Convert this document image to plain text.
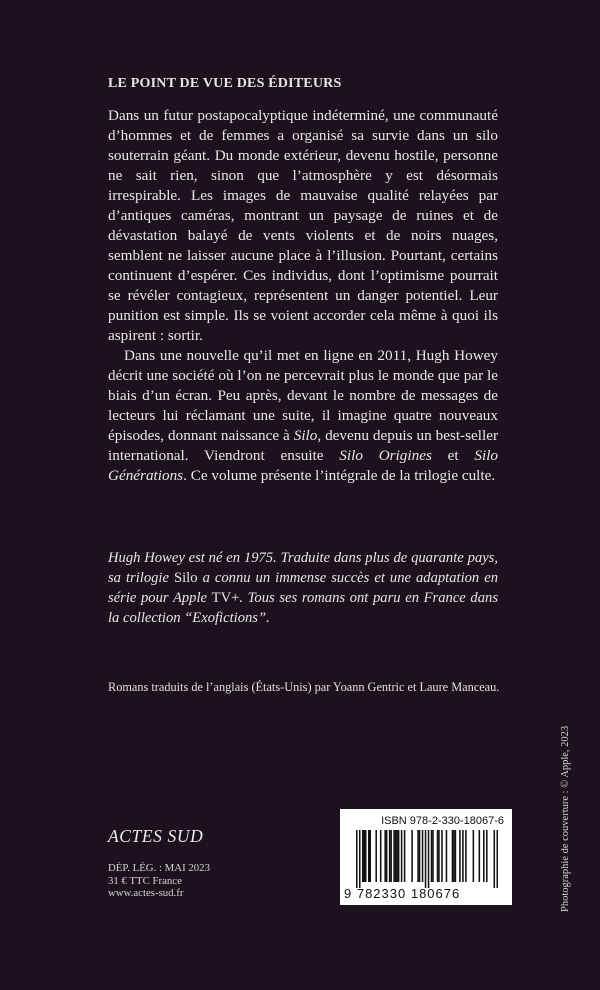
LE POINT DE VUE DES ÉDITEURS

Dans un futur postapocalyptique indéterminé, une communauté d’hommes et de femmes a organisé sa survie dans un silo souterrain géant. Du monde extérieur, devenu hostile, personne ne sait rien, sinon que l’atmosphère y est désormais irrespirable. Les images de mauvaise qualité relayées par d’antiques caméras, montrant un paysage de ruines et de dévastation balayé de vents violents et de noirs nuages, semblent ne laisser aucune place à l’illusion. Pourtant, certains continuent d’espérer. Ces individus, dont l’optimisme pourrait se révéler contagieux, représentent un danger potentiel. Leur punition est simple. Ils se voient accorder cela même à quoi ils aspirent : sortir.

Dans une nouvelle qu’il met en ligne en 2011, Hugh Howey décrit une société où l’on ne percevrait plus le monde que par le biais d’un écran. Peu après, devant le nombre de messages de lecteurs lui réclamant une suite, il imagine quatre nouveaux épisodes, donnant naissance à Silo, devenu depuis un best-seller international. Viendront ensuite Silo Origines et Silo Générations. Ce volume présente l’intégrale de la trilogie culte.

Hugh Howey est né en 1975. Traduite dans plus de quarante pays, sa trilogie Silo a connu un immense succès et une adaptation en série pour Apple TV+. Tous ses romans ont paru en France dans la collection “Exofictions”.

Romans traduits de l’anglais (États-Unis) par Yoann Gentric et Laure Manceau.

ACTES SUD
DÉP. LÉG. : MAI 2023
31 € TTC France
www.actes-sud.fr
ISBN 978-2-330-18067-6
9 782330 180676	Photographie de couverture : © Apple, 2023
